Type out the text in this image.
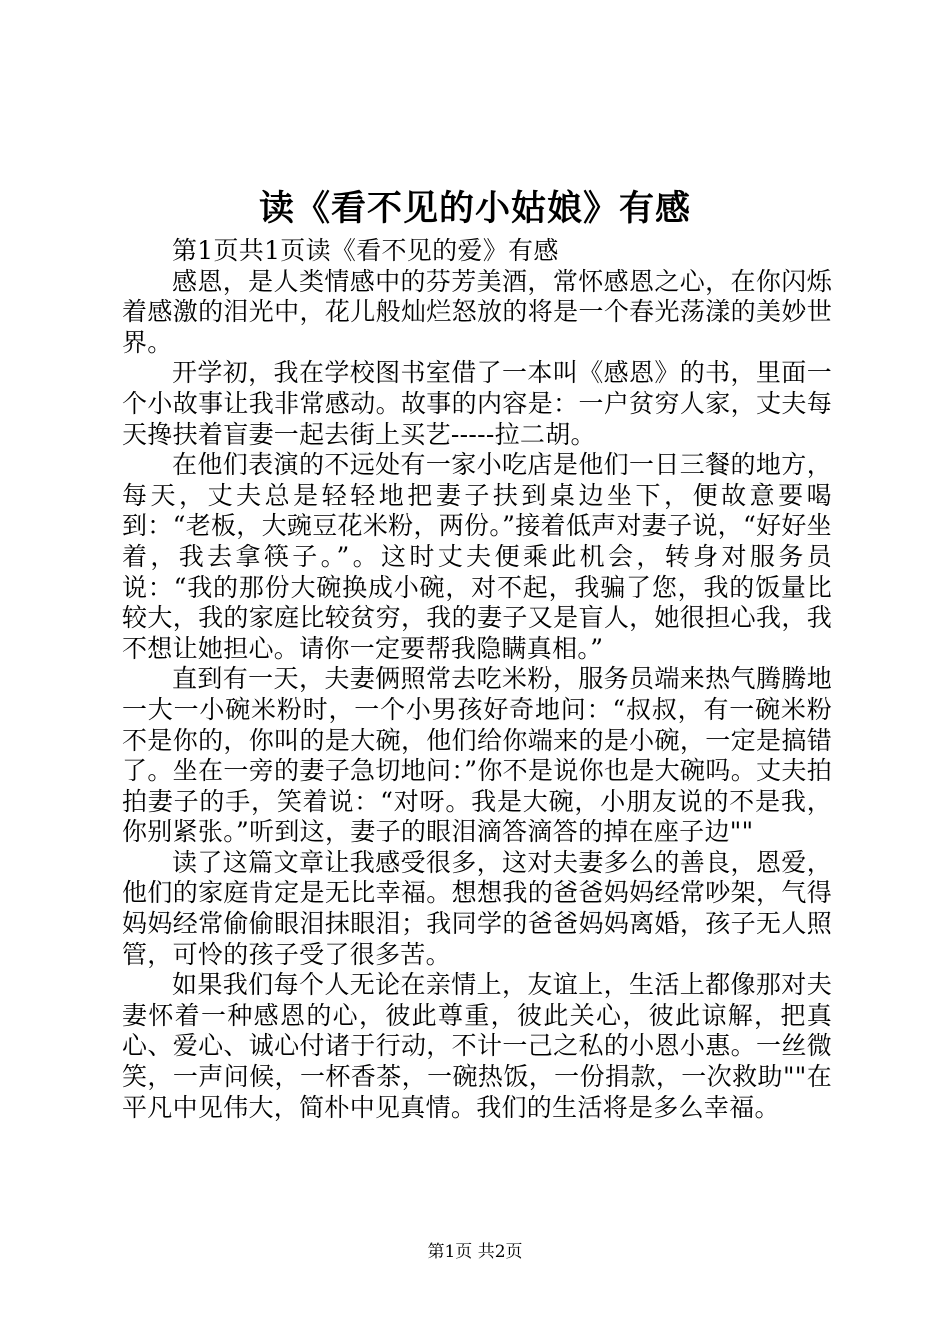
读《看不见的小姑娘》有感

第1页共1页读《看不见的爱》有感

感恩，是人类情感中的芬芳美酒，常怀感恩之心，在你闪烁着感激的泪光中，花儿般灿烂怒放的将是一个春光荡漾的美妙世界。

开学初，我在学校图书室借了一本叫《感恩》的书，里面一个小故事让我非常感动。故事的内容是：一户贫穷人家，丈夫每天搀扶着盲妻一起去街上买艺-----拉二胡。

在他们表演的不远处有一家小吃店是他们一日三餐的地方，每天，丈夫总是轻轻地把妻子扶到桌边坐下，便故意要喝到：“老板，大豌豆花米粉，两份。”接着低声对妻子说，“好好坐着，我去拿筷子。”。这时丈夫便乘此机会，转身对服务员说：“我的那份大碗换成小碗，对不起，我骗了您，我的饭量比较大，我的家庭比较贫穷，我的妻子又是盲人，她很担心我，我不想让她担心。请你一定要帮我隐瞒真相。”

直到有一天，夫妻俩照常去吃米粉，服务员端来热气腾腾地一大一小碗米粉时，一个小男孩好奇地问：“叔叔，有一碗米粉不是你的，你叫的是大碗，他们给你端来的是小碗，一定是搞错了。坐在一旁的妻子急切地问：”你不是说你也是大碗吗。丈夫拍拍妻子的手，笑着说：“对呀。我是大碗，小朋友说的不是我，你别紧张。”听到这，妻子的眼泪滴答滴答的掉在座子边""

读了这篇文章让我感受很多，这对夫妻多么的善良，恩爱，他们的家庭肯定是无比幸福。想想我的爸爸妈妈经常吵架，气得妈妈经常偷偷眼泪抹眼泪；我同学的爸爸妈妈离婚，孩子无人照管，可怜的孩子受了很多苦。

如果我们每个人无论在亲情上，友谊上，生活上都像那对夫妻怀着一种感恩的心，彼此尊重，彼此关心，彼此谅解，把真心、爱心、诚心付诸于行动，不计一己之私的小恩小惠。一丝微笑，一声问候，一杯香茶，一碗热饭，一份捐款，一次救助""在平凡中见伟大，简朴中见真情。我们的生活将是多么幸福。

第1页 共2页
